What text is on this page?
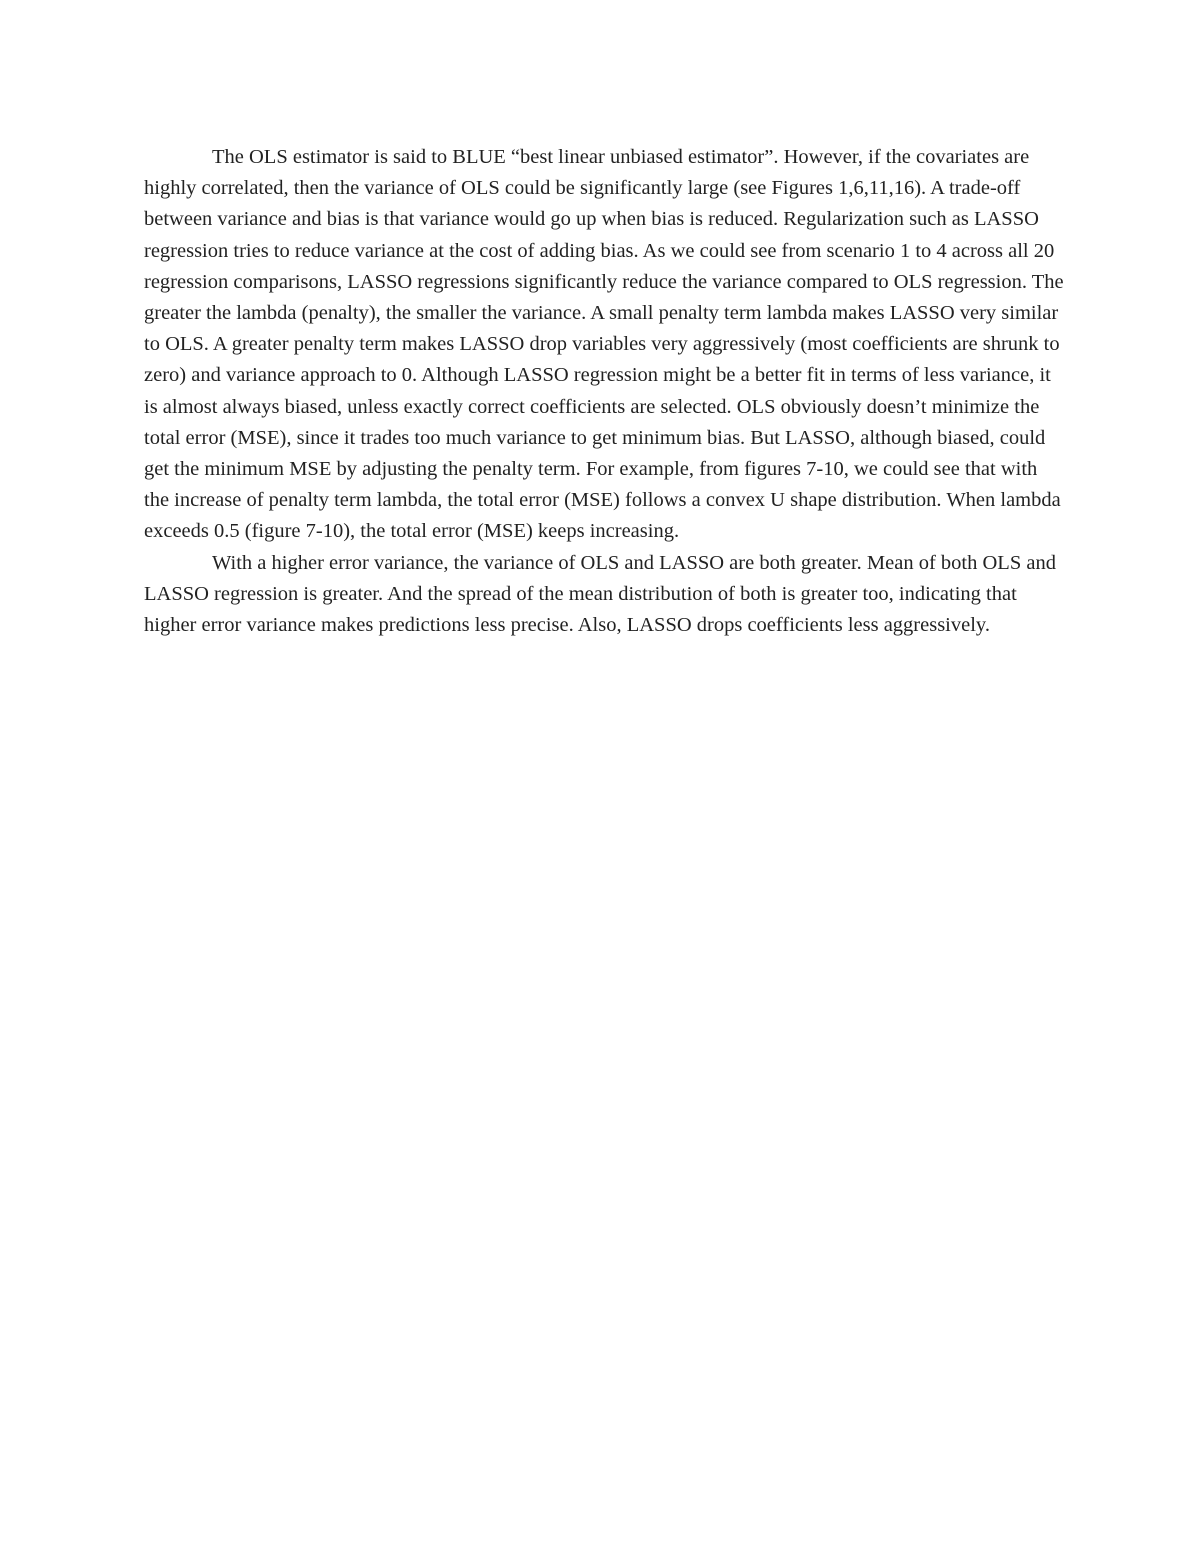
The OLS estimator is said to BLUE “best linear unbiased estimator”. However, if the covariates are highly correlated, then the variance of OLS could be significantly large (see Figures 1,6,11,16). A trade-off between variance and bias is that variance would go up when bias is reduced. Regularization such as LASSO regression tries to reduce variance at the cost of adding bias. As we could see from scenario 1 to 4 across all 20 regression comparisons, LASSO regressions significantly reduce the variance compared to OLS regression. The greater the lambda (penalty), the smaller the variance. A small penalty term lambda makes LASSO very similar to OLS. A greater penalty term makes LASSO drop variables very aggressively (most coefficients are shrunk to zero) and variance approach to 0. Although LASSO regression might be a better fit in terms of less variance, it is almost always biased, unless exactly correct coefficients are selected. OLS obviously doesn’t minimize the total error (MSE), since it trades too much variance to get minimum bias. But LASSO, although biased, could get the minimum MSE by adjusting the penalty term. For example, from figures 7-10, we could see that with the increase of penalty term lambda, the total error (MSE) follows a convex U shape distribution. When lambda exceeds 0.5 (figure 7-10), the total error (MSE) keeps increasing.

With a higher error variance, the variance of OLS and LASSO are both greater. Mean of both OLS and LASSO regression is greater. And the spread of the mean distribution of both is greater too, indicating that higher error variance makes predictions less precise. Also, LASSO drops coefficients less aggressively.
